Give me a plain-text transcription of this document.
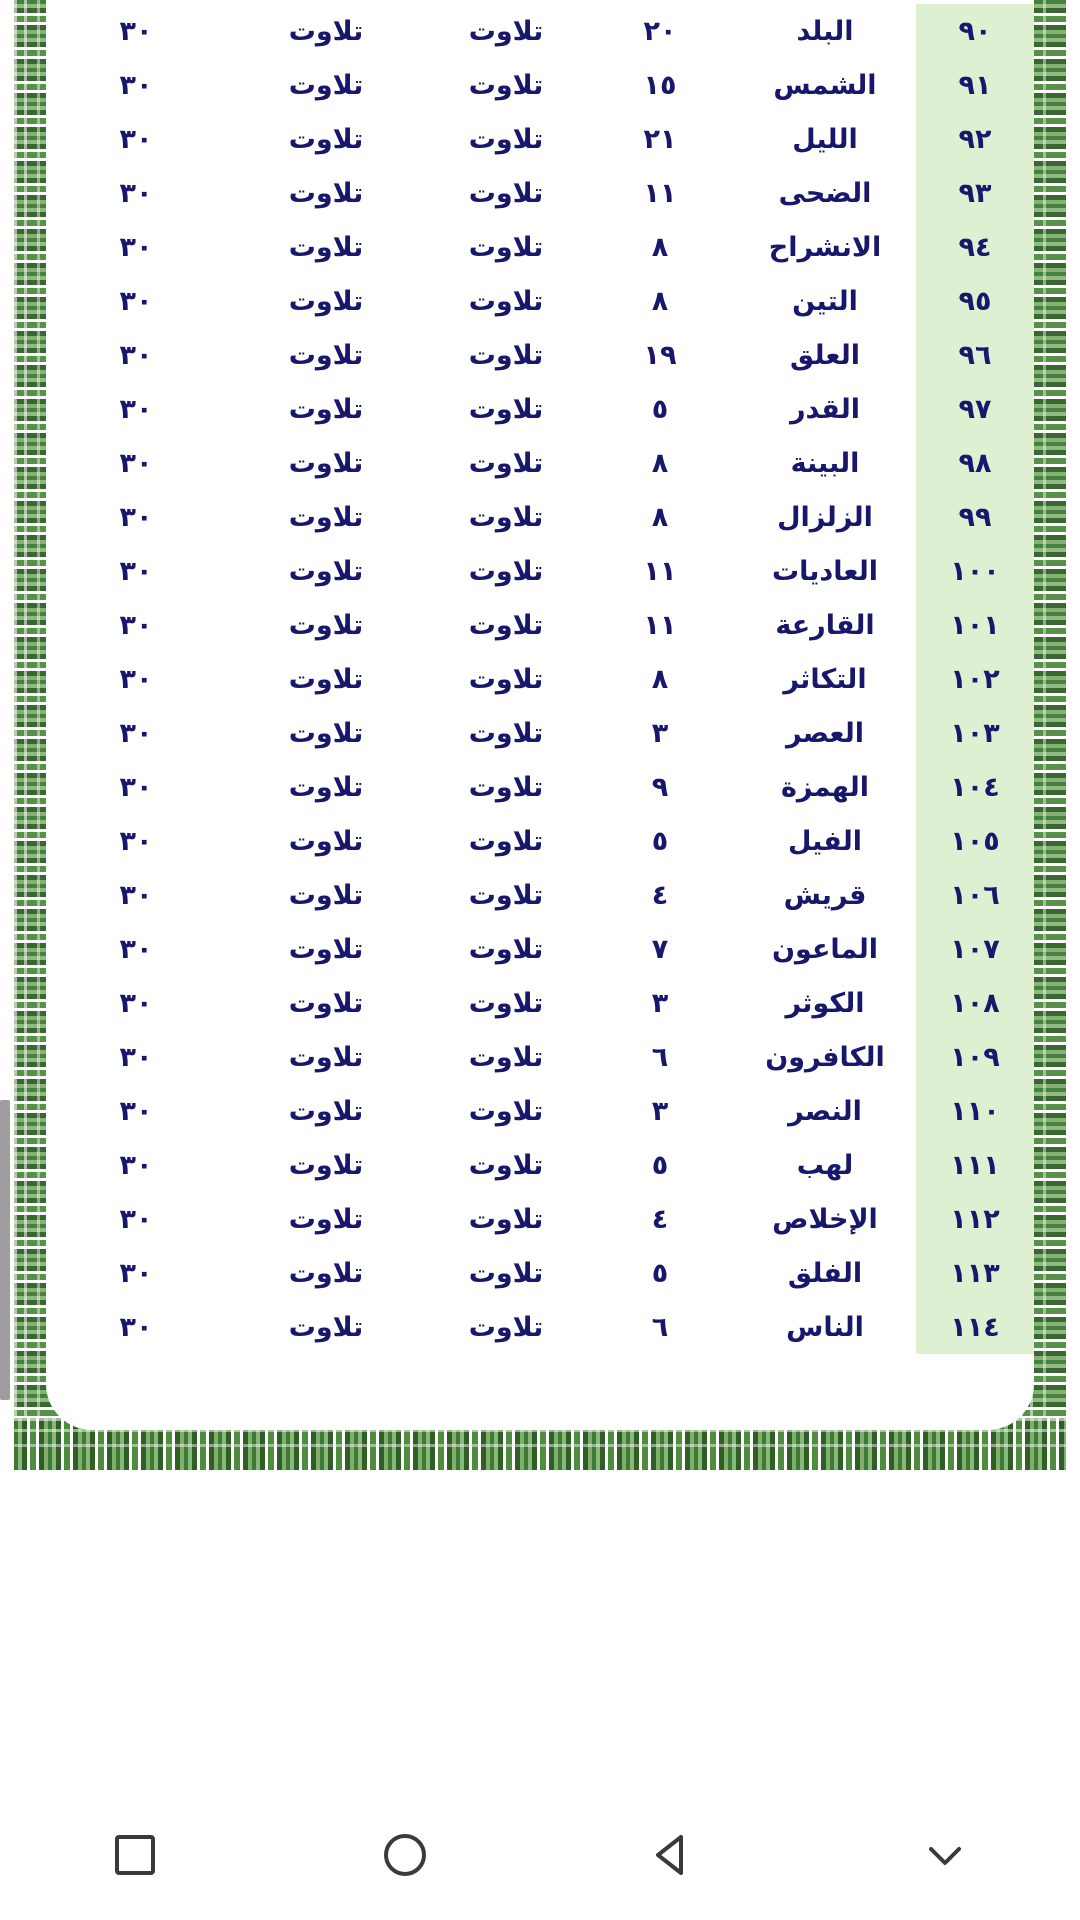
٩٠	البلد	٢٠	تلاوت	تلاوت	٣٠
٩١	الشمس	١٥	تلاوت	تلاوت	٣٠
٩٢	الليل	٢١	تلاوت	تلاوت	٣٠
٩٣	الضحى	١١	تلاوت	تلاوت	٣٠
٩٤	الانشراح	٨	تلاوت	تلاوت	٣٠
٩٥	التين	٨	تلاوت	تلاوت	٣٠
٩٦	العلق	١٩	تلاوت	تلاوت	٣٠
٩٧	القدر	٥	تلاوت	تلاوت	٣٠
٩٨	البينة	٨	تلاوت	تلاوت	٣٠
٩٩	الزلزال	٨	تلاوت	تلاوت	٣٠
١٠٠	العاديات	١١	تلاوت	تلاوت	٣٠
١٠١	القارعة	١١	تلاوت	تلاوت	٣٠
١٠٢	التكاثر	٨	تلاوت	تلاوت	٣٠
١٠٣	العصر	٣	تلاوت	تلاوت	٣٠
١٠٤	الهمزة	٩	تلاوت	تلاوت	٣٠
١٠٥	الفيل	٥	تلاوت	تلاوت	٣٠
١٠٦	قريش	٤	تلاوت	تلاوت	٣٠
١٠٧	الماعون	٧	تلاوت	تلاوت	٣٠
١٠٨	الكوثر	٣	تلاوت	تلاوت	٣٠
١٠٩	الكافرون	٦	تلاوت	تلاوت	٣٠
١١٠	النصر	٣	تلاوت	تلاوت	٣٠
١١١	لهب	٥	تلاوت	تلاوت	٣٠
١١٢	الإخلاص	٤	تلاوت	تلاوت	٣٠
١١٣	الفلق	٥	تلاوت	تلاوت	٣٠
١١٤	الناس	٦	تلاوت	تلاوت	٣٠
